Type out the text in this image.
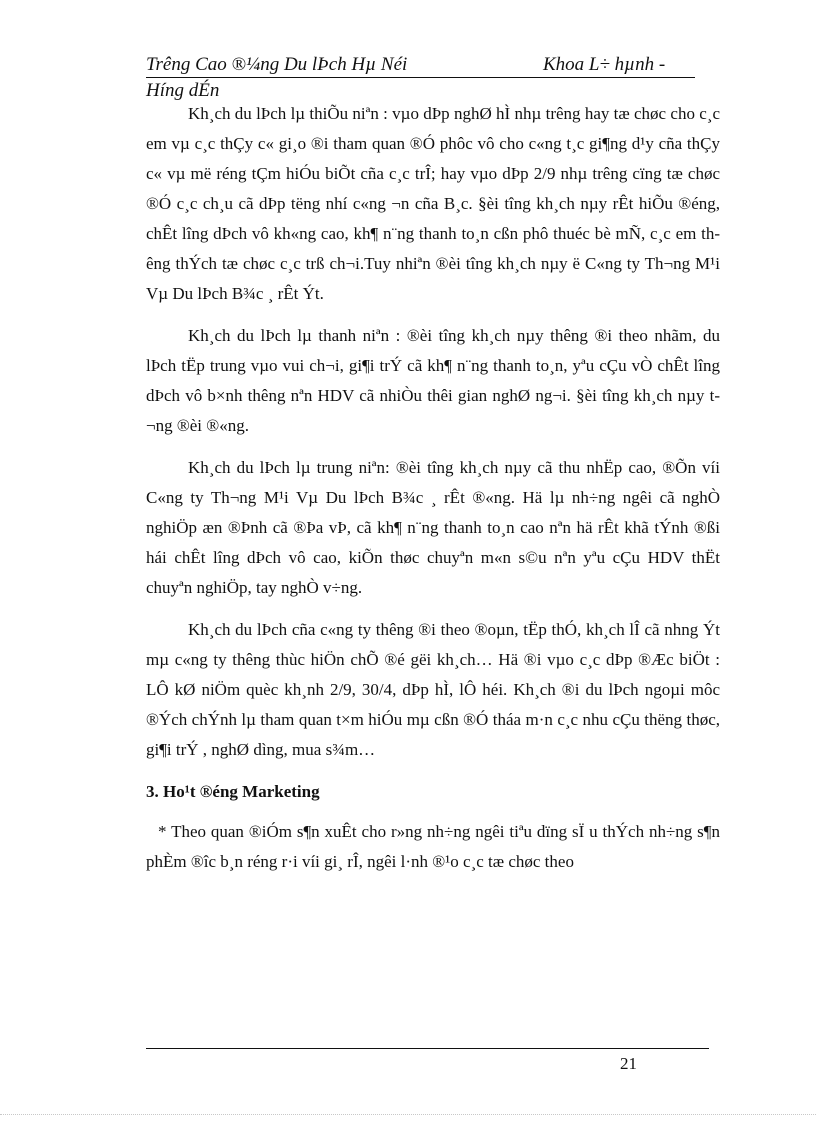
Trêng Cao ®¼ng Du lÞch Hµ Néi	Khoa L÷ hµnh -
Híng dÉn

Kh¸ch du lÞch lµ thiÕu niªn : vµo dÞp nghØ hÌ nhµ trêng hay tæ chøc cho c¸c em vµ c¸c thÇy c« gi¸o ®i tham quan ®Ó phôc vô cho c«ng t¸c gi¶ng d¹y cña thÇy c« vµ më réng tÇm hiÓu biÕt cña c¸c trÎ; hay vµo dÞp 2/9 nhµ trêng cïng tæ chøc ®Ó c¸c ch¸u cã dÞp tëng nhí c«ng ¬n cña B¸c. §èi tîng kh¸ch nµy rÊt hiÕu ®éng, chÊt lîng dÞch vô kh«ng cao, kh¶ n¨ng thanh to¸n cßn phô thuéc bè mÑ, c¸c em thêng thÝch tæ chøc c¸c trß ch¬i.Tuy nhiªn ®èi tîng kh¸ch nµy ë C«ng ty Th¬ng M¹i Vµ Du lÞch B¾c ¸ rÊt Ýt.

Kh¸ch du lÞch lµ thanh niªn : ®èi tîng kh¸ch nµy thêng ®i theo nhãm, du lÞch tËp trung vµo vui ch¬i, gi¶i trÝ cã kh¶ n¨ng thanh to¸n, yªu cÇu vÒ chÊt lîng dÞch vô b×nh thêng nªn HDV cã nhiÒu thêi gian nghØ ng¬i. §èi tîng kh¸ch nµy t¬ng ®èi ®«ng.

Kh¸ch du lÞch lµ trung niªn: ®èi tîng kh¸ch nµy cã thu nhËp cao, ®Õn víi C«ng ty Th¬ng M¹i Vµ Du lÞch B¾c ¸ rÊt ®«ng. Hä lµ nh÷ng ngêi cã nghÒ nghiÖp æn ®Þnh cã ®Þa vÞ, cã kh¶ n¨ng thanh to¸n cao nªn hä rÊt khã tÝnh ®ßi hái chÊt lîng dÞch vô cao, kiÕn thøc chuyªn m«n s©u nªn yªu cÇu HDV thËt chuyªn nghiÖp, tay nghÒ v÷ng.

Kh¸ch du lÞch cña c«ng ty thêng ®i theo ®oµn, tËp thÓ, kh¸ch lÎ cã nhng Ýt mµ c«ng ty thêng thùc hiÖn chÕ ®é gëi kh¸ch… Hä ®i vµo c¸c dÞp ®Æc biÖt : LÔ kØ niÖm quèc kh¸nh 2/9, 30/4, dÞp hÌ, lÔ héi. Kh¸ch ®i du lÞch ngoµi môc ®Ých chÝnh lµ tham quan t×m hiÓu mµ cßn ®Ó tháa m·n c¸c nhu cÇu thëng thøc, gi¶i trÝ , nghØ dìng, mua s¾m…

3. Ho¹t ®éng Marketing

* Theo quan ®iÓm s¶n xuÊt cho r»ng nh÷ng ngêi tiªu dïng sÏ u thÝch nh÷ng s¶n phÈm ®îc b¸n réng r·i víi gi¸ rÎ, ngêi l·nh ®¹o c¸c tæ chøc theo

21
